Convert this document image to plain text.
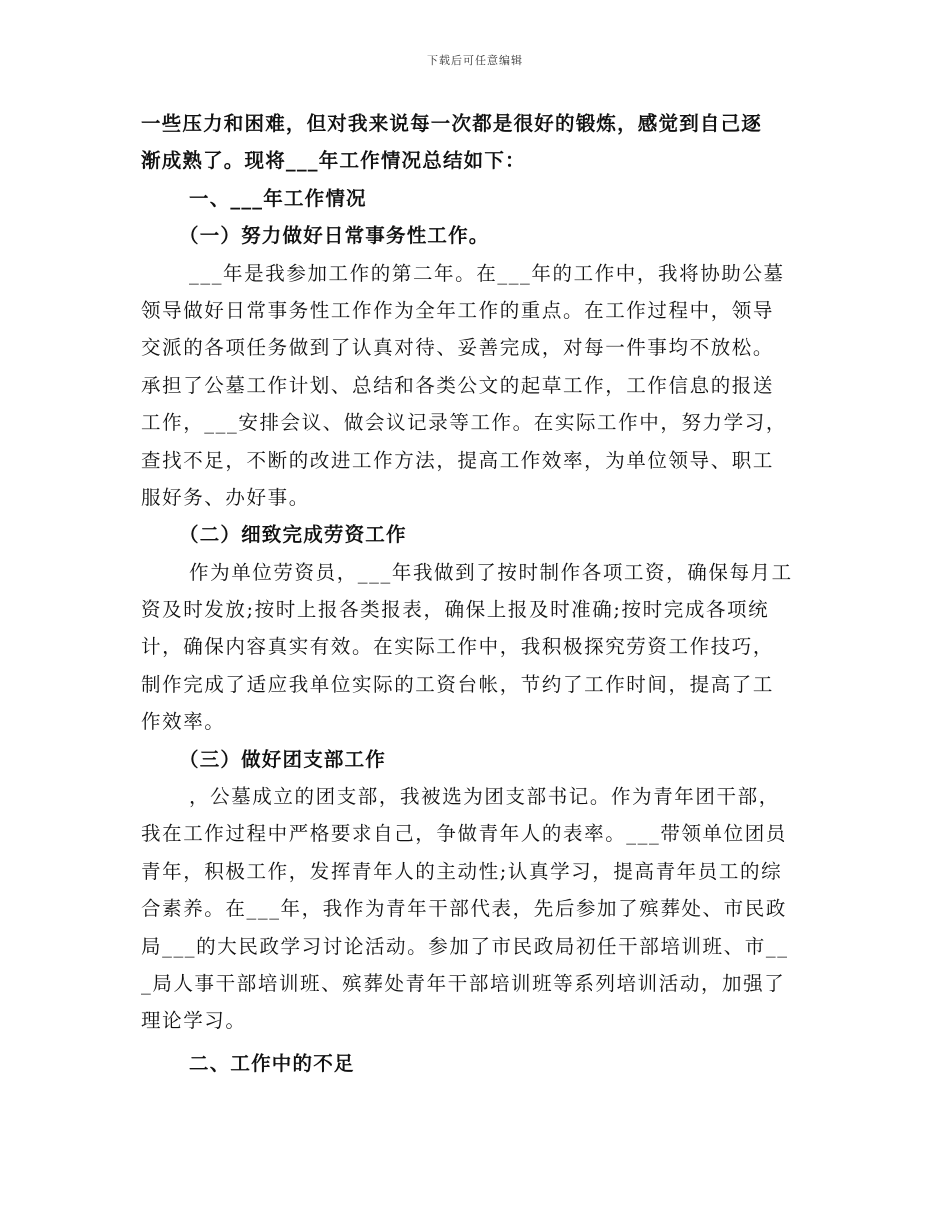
下载后可任意编辑
一些压力和困难，但对我来说每一次都是很好的锻炼，感觉到自己逐
渐成熟了。现将___年工作情况总结如下：
一、___年工作情况
（一）努力做好日常事务性工作。
___年是我参加工作的第二年。在___年的工作中，我将协助公墓
领导做好日常事务性工作作为全年工作的重点。在工作过程中，领导
交派的各项任务做到了认真对待、妥善完成，对每一件事均不放松。
承担了公墓工作计划、总结和各类公文的起草工作，工作信息的报送
工作，___安排会议、做会议记录等工作。在实际工作中，努力学习，
查找不足，不断的改进工作方法，提高工作效率，为单位领导、职工
服好务、办好事。
（二）细致完成劳资工作
作为单位劳资员，___年我做到了按时制作各项工资，确保每月工
资及时发放;按时上报各类报表，确保上报及时准确;按时完成各项统
计，确保内容真实有效。在实际工作中，我积极探究劳资工作技巧，
制作完成了适应我单位实际的工资台帐，节约了工作时间，提高了工
作效率。
（三）做好团支部工作
，公墓成立的团支部，我被选为团支部书记。作为青年团干部，
我在工作过程中严格要求自己，争做青年人的表率。___带领单位团员
青年，积极工作，发挥青年人的主动性;认真学习，提高青年员工的综
合素养。在___年，我作为青年干部代表，先后参加了殡葬处、市民政
局___的大民政学习讨论活动。参加了市民政局初任干部培训班、市__
_局人事干部培训班、殡葬处青年干部培训班等系列培训活动，加强了
理论学习。
二、工作中的不足
